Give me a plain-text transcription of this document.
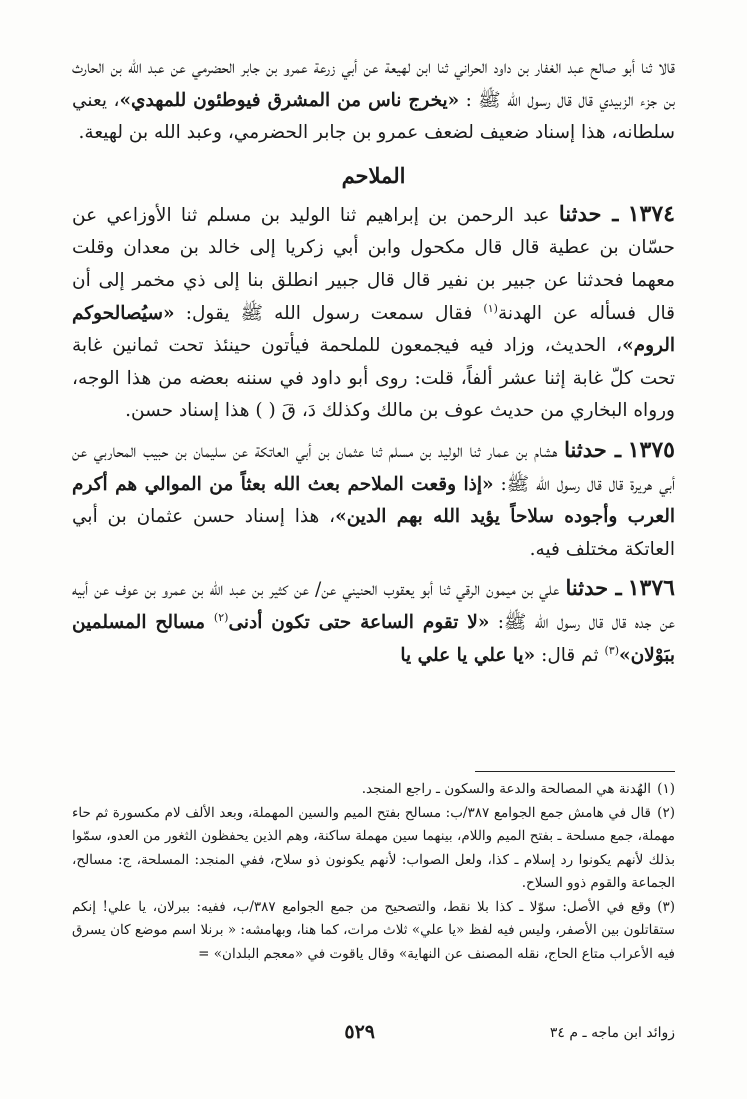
قالا ثنا أبو صالح عبد الغفار بن داود الحراني ثنا ابن لهيعة عن أبي زرعة عمرو بن جابر الحضرمي عن عبد الله بن الحارث بن جزء الزبيدي قال قال رسول الله ﷺ : «يخرج ناس من المشرق فيوطئون للمهدي»، يعني سلطانه، هذا إسناد ضعيف لضعف عمرو بن جابر الحضرمي، وعبد الله بن لهيعة.

الملاحم

١٣٧٤ ـ حدثنا عبد الرحمن بن إبراهيم ثنا الوليد بن مسلم ثنا الأوزاعي عن حسّان بن عطية قال قال مكحول وابن أبي زكريا إلى خالد بن معدان وقلت معهما فحدثنا عن جبير بن نفير قال قال جبير انطلق بنا إلى ذي مخمر إلى أن قال فسأله عن الهدنة$^{(١)}$ فقال سمعت رسول الله ﷺ يقول: «سيُصالحوكم الروم»، الحديث، وزاد فيه فيجمعون للملحمة فيأتون حينئذ تحت ثمانين غابة تحت كلّ غابة إثنا عشر ألفاً، قلت: روى أبو داود في سننه بعضه من هذا الوجه، ورواه البخاري من حديث عوف بن مالك وكذلك دَ، قَ ( ) هذا إسناد حسن.

١٣٧٥ ـ حدثنا هشام بن عمار ثنا الوليد بن مسلم ثنا عثمان بن أبي العاتكة عن سليمان بن حبيب المحاربي عن أبي هريرة قال قال رسول الله ﷺ: «إذا وقعت الملاحم بعث الله بعثاً من الموالي هم أكرم العرب وأجوده سلاحاً يؤيد الله بهم الدين»، هذا إسناد حسن عثمان بن أبي العاتكة مختلف فيه.

١٣٧٦ ـ حدثنا علي بن ميمون الرقي ثنا أبو يعقوب الحنيني عن/ عن كثير بن عبد الله بن عمرو بن عوف عن أبيه عن جده قال قال رسول الله ﷺ: «لا تقوم الساعة حتى تكون أدنى$^{(٢)}$ مسالح المسلمين ببَوْلان»$^{(٣)}$ ثم قال: «يا علي يا علي يا

(١)الهُدنة هي المصالحة والدعة والسكون ـ راجع المنجد.

(٢)قال في هامش جمع الجوامع ٣٨٧/ب: مسالح بفتح الميم والسين المهملة، وبعد الألف لام مكسورة ثم حاء مهملة، جمع مسلحة ـ بفتح الميم واللام، بينهما سين مهملة ساكنة، وهم الذين يحفظون الثغور من العدو، سمّوا بذلك لأنهم يكونوا رد إسلام ـ كذا، ولعل الصواب: لأنهم يكونون ذو سلاح، ففي المنجد: المسلحة، ج: مسالح، الجماعة والقوم ذوو السلاح.

(٣)وقع في الأصل: سوّلا ـ كذا بلا نقط، والتصحيح من جمع الجوامع ٣٨٧/ب، ففيه: ببرلان، يا علي! إنكم ستقاتلون بين الأصفر، وليس فيه لفظ «يا علي» ثلاث مرات، كما هنا، وبهامشه: « برنلا اسم موضع كان يسرق فيه الأعراب متاع الحاج، نقله المصنف عن النهاية» وقال ياقوت في «معجم البلدان» =

زوائد ابن ماجه ـ م ٣٤
٥٢٩
